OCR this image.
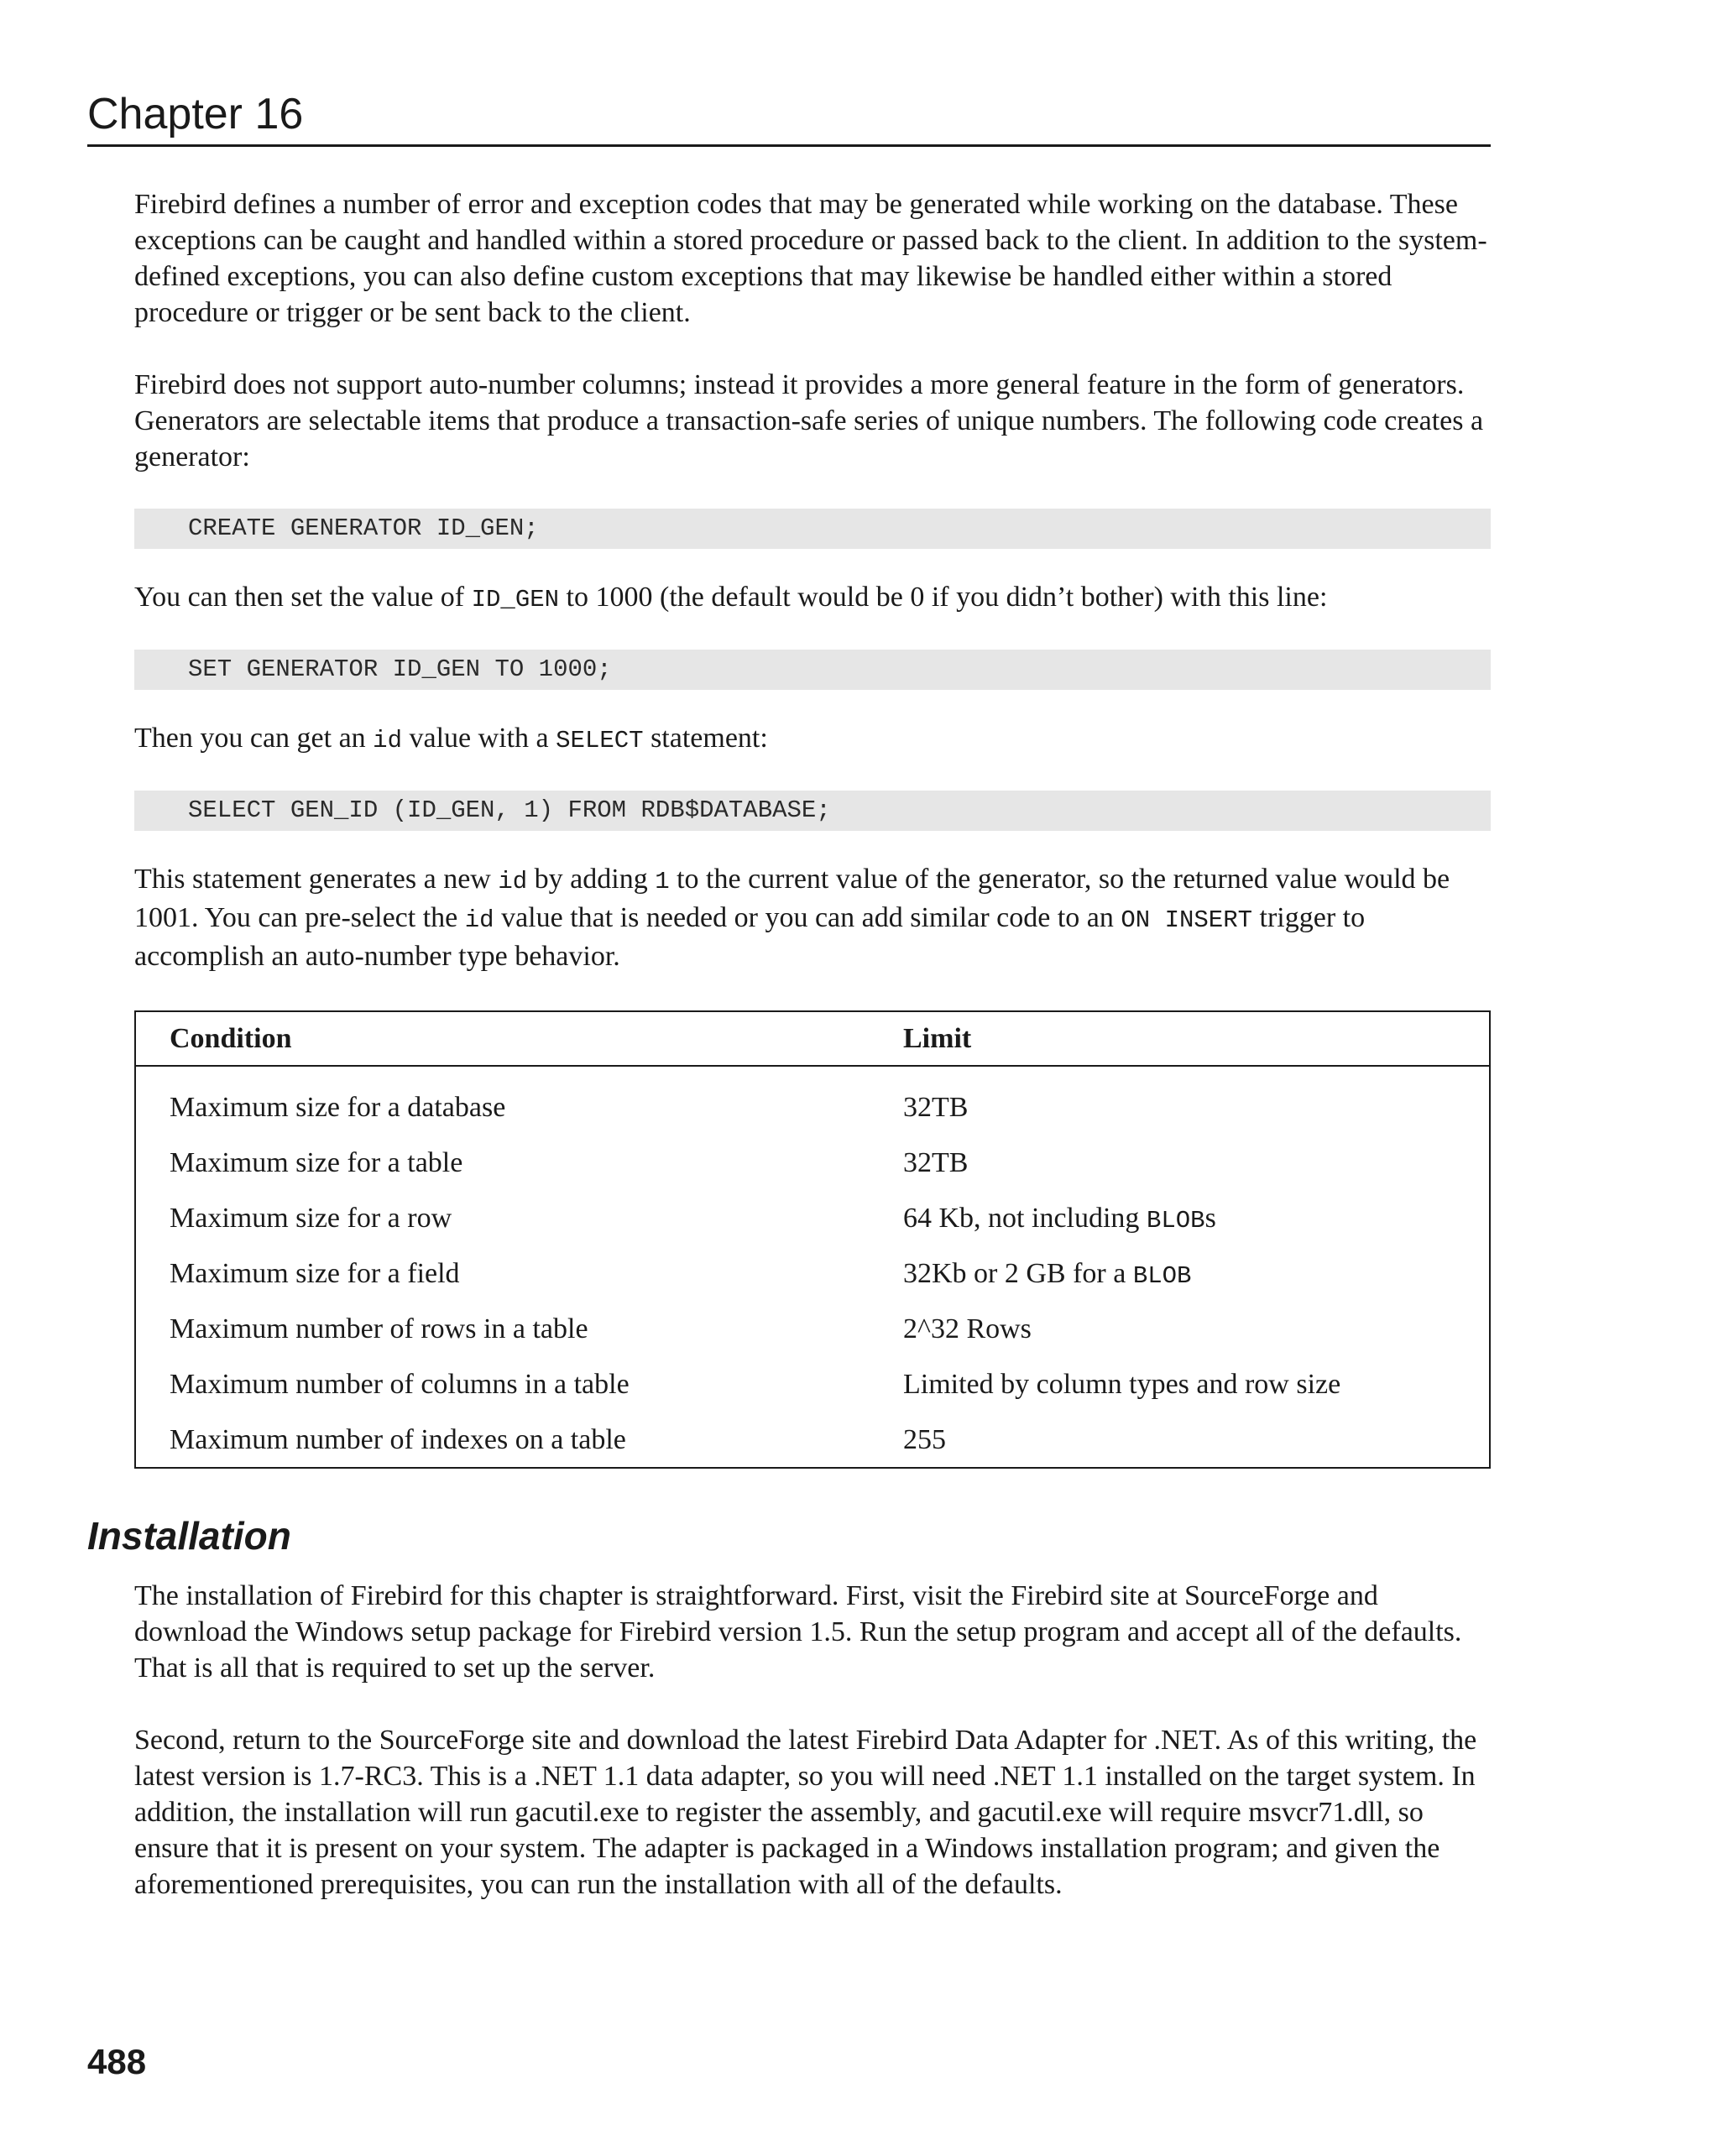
Chapter 16

Firebird defines a number of error and exception codes that may be generated while working on the database. These exceptions can be caught and handled within a stored procedure or passed back to the client. In addition to the system-defined exceptions, you can also define custom exceptions that may likewise be handled either within a stored procedure or trigger or be sent back to the client.

Firebird does not support auto-number columns; instead it provides a more general feature in the form of generators. Generators are selectable items that produce a transaction-safe series of unique numbers. The following code creates a generator:

CREATE GENERATOR ID_GEN;

You can then set the value of ID_GEN to 1000 (the default would be 0 if you didn’t bother) with this line:

SET GENERATOR ID_GEN TO 1000;

Then you can get an id value with a SELECT statement:

SELECT GEN_ID (ID_GEN, 1) FROM RDB$DATABASE;

This statement generates a new id by adding 1 to the current value of the generator, so the returned value would be 1001. You can pre-select the id value that is needed or you can add similar code to an ON INSERT trigger to accomplish an auto-number type behavior.

Condition	Limit
Maximum size for a database	32TB
Maximum size for a table	32TB
Maximum size for a row	64 Kb, not including BLOBs
Maximum size for a field	32Kb or 2 GB for a BLOB
Maximum number of rows in a table	2^32 Rows
Maximum number of columns in a table	Limited by column types and row size
Maximum number of indexes on a table	255
Installation

The installation of Firebird for this chapter is straightforward. First, visit the Firebird site at SourceForge and download the Windows setup package for Firebird version 1.5. Run the setup program and accept all of the defaults. That is all that is required to set up the server.

Second, return to the SourceForge site and download the latest Firebird Data Adapter for .NET. As of this writing, the latest version is 1.7-RC3. This is a .NET 1.1 data adapter, so you will need .NET 1.1 installed on the target system. In addition, the installation will run gacutil.exe to register the assembly, and gacutil.exe will require msvcr71.dll, so ensure that it is present on your system. The adapter is packaged in a Windows installation program; and given the aforementioned prerequisites, you can run the installation with all of the defaults.

488
